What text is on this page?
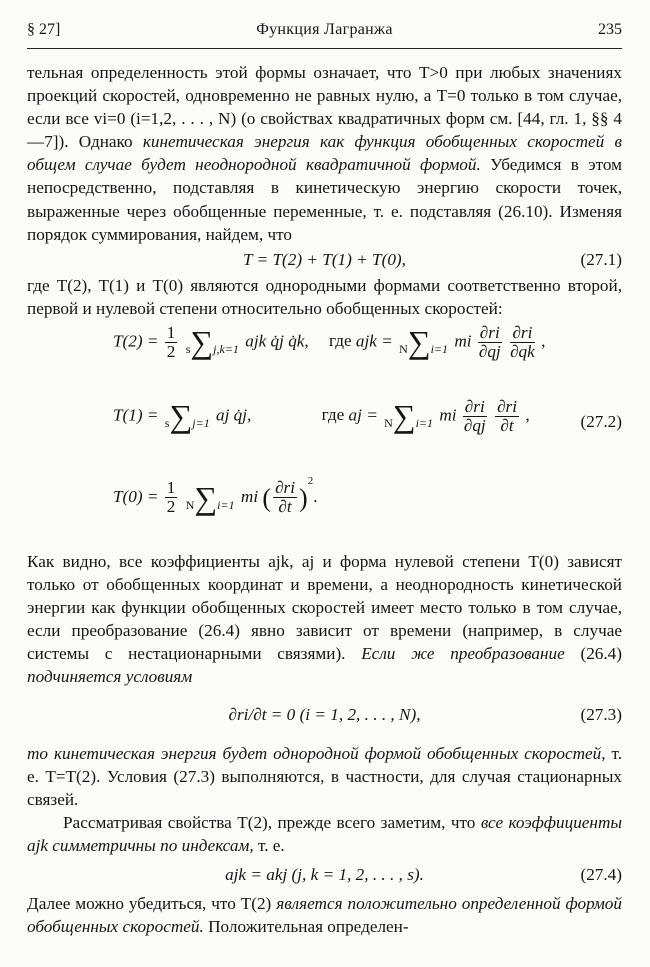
§ 27]	Функция Лагранжа	235

тельная определенность этой формы означает, что T>0 при любых значениях проекций скоростей, одновременно не равных нулю, а T=0 только в том случае, если все vi=0 (i=1,2, . . . , N) (о свойствах квадратичных форм см. [44, гл. 1, §§ 4—7]). Однако кинетическая энергия как функция обобщенных скоростей в общем случае будет неоднородной квадратичной формой. Убедимся в этом непосредственно, подставляя в кинетическую энергию скорости точек, выраженные через обобщенные переменные, т. е. подставляя (26.10). Изменяя порядок суммирования, найдем, что

T = T(2) + T(1) + T(0),	(27.1)

где T(2), T(1) и T(0) являются однородными формами соответственно второй, первой и нулевой степени относительно обобщенных скоростей:

$T(2) = \frac{1}{2} s\sum j,k=1$ ajk q̇j q̇k, где ajk = N∑i=1 mi $\frac{\partial ri}{\partial qj}$
$\frac{\partial ri}{\partial qk}$ ,
T(1) = s∑j=1 aj q̇j,	где aj = N∑i=1 mi $\frac{\partial ri}{\partial qj}$
$\frac{\partial ri}{\partial t}$ ,
$T(0) = \frac{1}{2} N\sum i=1$ mi ( $\frac{\partial ri}{\partial t} )^2$.
(27.2)

Как видно, все коэффициенты ajk, aj и форма нулевой степени T(0) зависят только от обобщенных координат и времени, а неоднородность кинетической энергии как функции обобщенных скоростей имеет место только в том случае, если преобразование (26.4) явно зависит от времени (например, в случае системы с нестационарными связями). Если же преобразование (26.4) подчиняется условиям

∂ri/∂t = 0 (i = 1, 2, . . . , N),	(27.3)

то кинетическая энергия будет однородной формой обобщенных скоростей, т. е. T=T(2). Условия (27.3) выполняются, в частности, для случая стационарных связей.

Рассматривая свойства T(2), прежде всего заметим, что все коэффициенты ajk симметричны по индексам, т. е.

ajk = akj (j, k = 1, 2, . . . , s).	(27.4)

Далее можно убедиться, что T(2) является положительно определенной формой обобщенных скоростей. Положительная определен-
